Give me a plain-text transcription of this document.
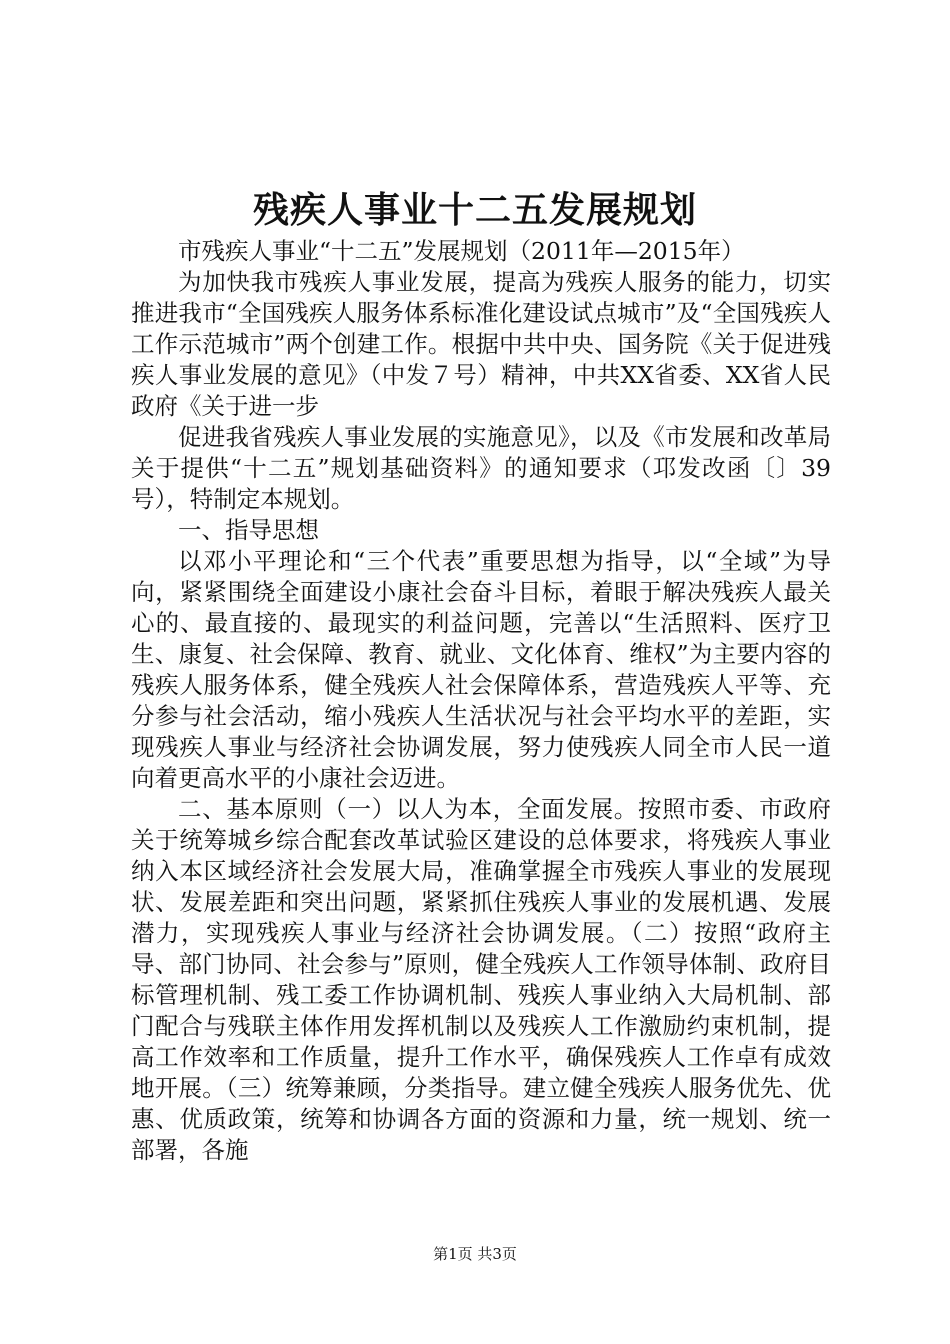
残疾人事业十二五发展规划

市残疾人事业“十二五”发展规划（2011年—2015年）

为加快我市残疾人事业发展，提高为残疾人服务的能力，切实推进我市“全国残疾人服务体系标准化建设试点城市”及“全国残疾人工作示范城市”两个创建工作。根据中共中央、国务院《关于促进残疾人事业发展的意见》（中发７号）精神，中共XX省委、XX省人民政府《关于进一步

促进我省残疾人事业发展的实施意见》，以及《市发展和改革局关于提供“十二五”规划基础资料》的通知要求（邛发改函〔〕39号），特制定本规划。

一、指导思想

以邓小平理论和“三个代表”重要思想为指导，以“全域”为导向，紧紧围绕全面建设小康社会奋斗目标，着眼于解决残疾人最关心的、最直接的、最现实的利益问题，完善以“生活照料、医疗卫生、康复、社会保障、教育、就业、文化体育、维权”为主要内容的残疾人服务体系，健全残疾人社会保障体系，营造残疾人平等、充分参与社会活动，缩小残疾人生活状况与社会平均水平的差距，实现残疾人事业与经济社会协调发展，努力使残疾人同全市人民一道向着更高水平的小康社会迈进。

二、基本原则（一）以人为本，全面发展。按照市委、市政府关于统筹城乡综合配套改革试验区建设的总体要求，将残疾人事业纳入本区域经济社会发展大局，准确掌握全市残疾人事业的发展现状、发展差距和突出问题，紧紧抓住残疾人事业的发展机遇、发展潜力，实现残疾人事业与经济社会协调发展。（二）按照“政府主导、部门协同、社会参与”原则，健全残疾人工作领导体制、政府目标管理机制、残工委工作协调机制、残疾人事业纳入大局机制、部门配合与残联主体作用发挥机制以及残疾人工作激励约束机制，提高工作效率和工作质量，提升工作水平，确保残疾人工作卓有成效地开展。（三）统筹兼顾，分类指导。建立健全残疾人服务优先、优惠、优质政策，统筹和协调各方面的资源和力量，统一规划、统一部署，各施

第1页 共3页
